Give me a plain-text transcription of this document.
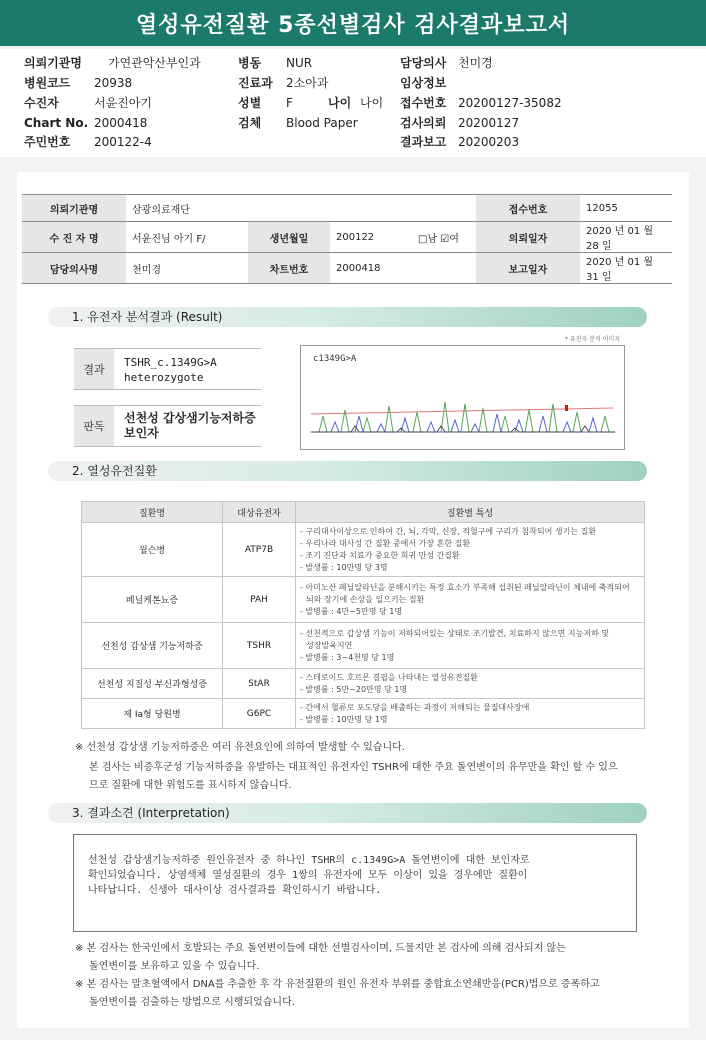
열성유전질환 5종선별검사 검사결과보고서
의뢰기관명 가연관악산부인과
병원코드 20938
수진자	서윤진아기
Chart No. 2000418
주민번호 200122-4
병동 NUR
진료과 2소아과
성별 F	나이 나이
검체 Blood Paper
담당의사 천미경
임상정보
접수번호 20200127-35082
검사의뢰 20200127
결과보고 20200203
의뢰기관명	삼광의료재단				접수번호	12055
수 진 자 명	서윤진님 아기 F/	생년월일	200122	□남 ☑여	의뢰일자	2020 년 01 월 28 일
담당의사명	천미경	차트번호	2000418		보고일자	2020 년 01 월 31 일
1. 유전자 분석결과 (Result)
결과
TSHR_c.1349G>A
heterozygote
판독
선천성 갑상샘기능저하증
보인자
* 유전자 분석 이미지
c1349G>A
2. 열성유전질환
질환명	대상유전자	질환별 특성
윌슨병	ATP7B	- 구리대사이상으로 인하여 간, 뇌, 각막, 신장, 적혈구에 구리가 침착되어 생기는 질환
- 우리나라 대사성 간 질환 중에서 가장 흔한 질환
- 조기 진단과 치료가 중요한 희귀 만성 간질환
- 발생률 : 10만명 당 3명

페닐케톤뇨증	PAH	- 아미노산 페닐알라닌을 분해시키는 특정 효소가 부족해 섭취된 페닐알라닌이 체내에 축적되어
뇌와 장기에 손상을 일으키는 질환
- 발병률 : 4만~5만명 당 1명

선천성 갑상샘 기능저하증	TSHR	- 선천적으로 갑상샘 기능이 저하되어있는 상태로 조기발견, 치료하지 않으면 지능저하 및
성장발육지연
- 발병률 : 3~4천명 당 1명

선천성 지질성 부신과형성증	StAR	- 스테로이드 호르몬 결핍을 나타내는 열성유전질환
- 발병률 : 5만~20만명 당 1명

제 Ia형 당원병	G6PC	- 간에서 혈류로 포도당을 배출하는 과정이 저해되는 물질대사장애
- 발병률 : 10만명 당 1명
※ 선천성 갑상샘 기능저하증은 여러 유전요인에 의하여 발생할 수 있습니다.
본 검사는 비증후군성 기능저하증을 유발하는 대표적인 유전자인 TSHR에 대한 주요 돌연변이의 유무만을 확인 할 수 있으
므로 질환에 대한 위험도를 표시하지 않습니다.
3. 결과소견 (Interpretation)
선천성 갑상샘기능저하증 원인유전자 중 하나인 TSHR의 c.1349G>A 돌연변이에 대한 보인자로
확인되었습니다. 상염색체 열성질환의 경우 1쌍의 유전자에 모두 이상이 있을 경우에만 질환이
나타납니다. 신생아 대사이상 검사결과를 확인하시기 바랍니다.
※ 본 검사는 한국인에서 호발되는 주요 돌연변이들에 대한 선별검사이며, 드물지만 본 검사에 의해 검사되지 않는
돌연변이를 보유하고 있을 수 있습니다.
※ 본 검사는 말초혈액에서 DNA를 추출한 후 각 유전질환의 원인 유전자 부위를 중합효소연쇄반응(PCR)법으로 증폭하고
돌연변이를 검출하는 방법으로 시행되었습니다.
